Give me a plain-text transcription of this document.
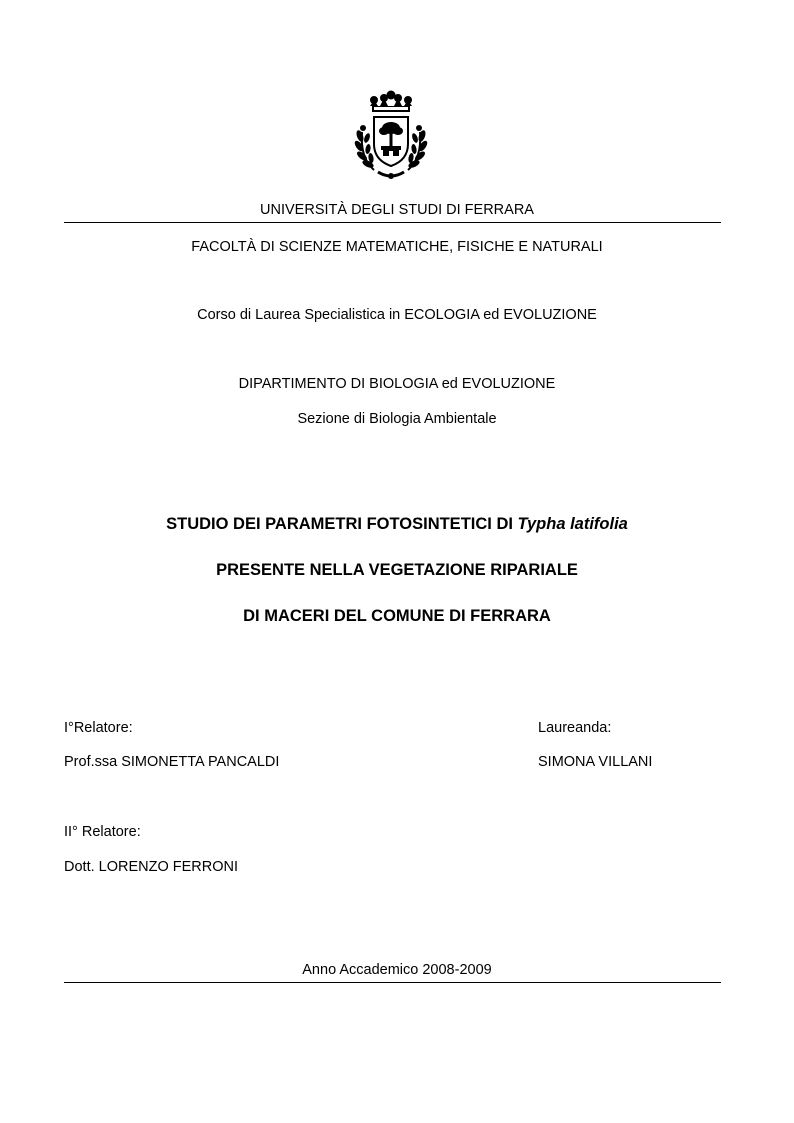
UNIVERSITÀ DEGLI STUDI DI FERRARA
FACOLTÀ DI SCIENZE MATEMATICHE, FISICHE E NATURALI
Corso di Laurea Specialistica in ECOLOGIA ed EVOLUZIONE
DIPARTIMENTO DI BIOLOGIA ed EVOLUZIONE
Sezione di Biologia Ambientale
STUDIO DEI PARAMETRI FOTOSINTETICI DI Typha latifolia
PRESENTE NELLA VEGETAZIONE RIPARIALE
DI MACERI DEL COMUNE DI FERRARA
I°Relatore:	Laureanda:
Prof.ssa SIMONETTA PANCALDI	SIMONA VILLANI
II° Relatore:
Dott. LORENZO FERRONI
Anno Accademico 2008-2009
